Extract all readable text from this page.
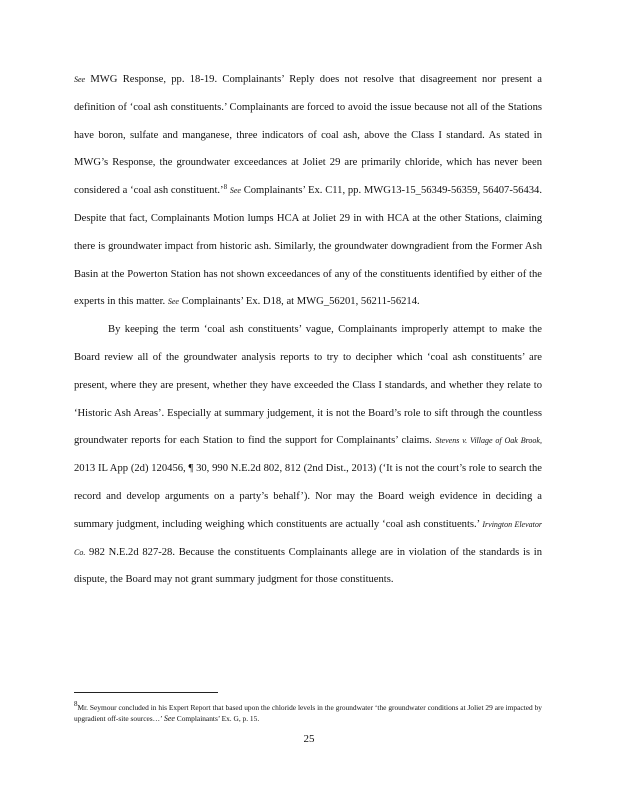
See MWG Response, pp. 18-19. Complainants’ Reply does not resolve that disagreement nor present a definition of ‘coal ash constituents.’ Complainants are forced to avoid the issue because not all of the Stations have boron, sulfate and manganese, three indicators of coal ash, above the Class I standard. As stated in MWG’s Response, the groundwater exceedances at Joliet 29 are primarily chloride, which has never been considered a ‘coal ash constituent.’$^8$ See Complainants’ Ex. C11, pp. MWG13-15_56349-56359, 56407-56434. Despite that fact, Complainants Motion lumps HCA at Joliet 29 in with HCA at the other Stations, claiming there is groundwater impact from historic ash. Similarly, the groundwater downgradient from the Former Ash Basin at the Powerton Station has not shown exceedances of any of the constituents identified by either of the experts in this matter. See Complainants’ Ex. D18, at MWG_56201, 56211-56214.

By keeping the term ‘coal ash constituents’ vague, Complainants improperly attempt to make the Board review all of the groundwater analysis reports to try to decipher which ‘coal ash constituents’ are present, where they are present, whether they have exceeded the Class I standards, and whether they relate to ‘Historic Ash Areas’. Especially at summary judgement, it is not the Board’s role to sift through the countless groundwater reports for each Station to find the support for Complainants’ claims. Stevens v. Village of Oak Brook, 2013 IL App (2d) 120456, ¶ 30, 990 N.E.2d 802, 812 (2nd Dist., 2013) (‘It is not the court’s role to search the record and develop arguments on a party’s behalf’). Nor may the Board weigh evidence in deciding a summary judgment, including weighing which constituents are actually ‘coal ash constituents.’ Irvington Elevator Co. 982 N.E.2d 827-28. Because the constituents Complainants allege are in violation of the standards is in dispute, the Board may not grant summary judgment for those constituents.

$^8$Mr. Seymour concluded in his Expert Report that based upon the chloride levels in the groundwater ‘the groundwater conditions at Joliet 29 are impacted by upgradient off-site sources…’ See Complainants’ Ex. G, p. 15.

25
